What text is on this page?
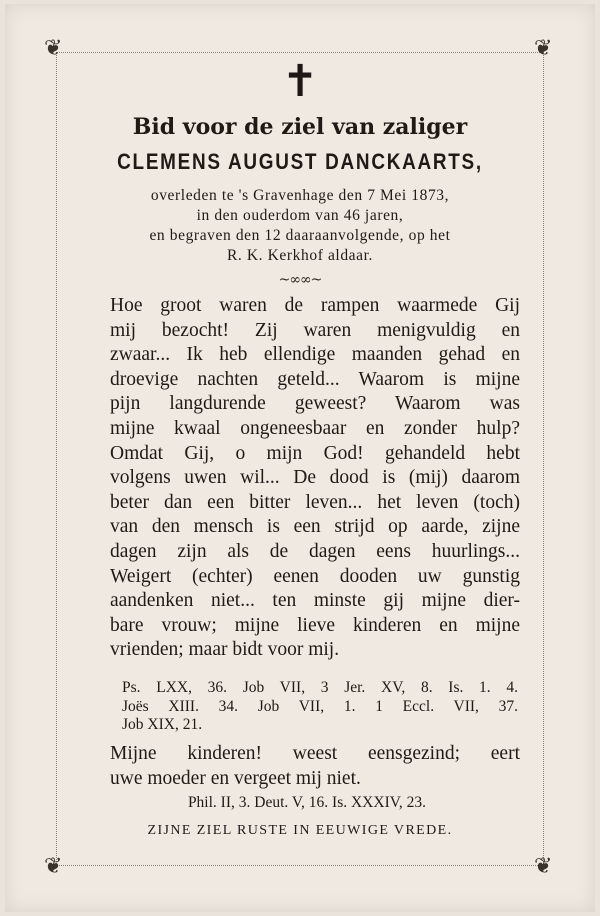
❦	❦
❦	❦
✝
Bid voor de ziel van zaliger
CLEMENS AUGUST DANCKAARTS,
overleden te 's Gravenhage den 7 Mei 1873,
in den ouderdom van 46 jaren,
en begraven den 12 daaraanvolgende, op het
R. K. Kerkhof aldaar.
~∞∞~
Hoe groot waren de rampen waarmede Gij
mij bezocht! Zij waren menigvuldig en
zwaar... Ik heb ellendige maanden gehad en
droevige nachten geteld... Waarom is mijne
pijn langdurende geweest? Waarom was
mijne kwaal ongeneesbaar en zonder hulp?
Omdat Gij, o mijn God! gehandeld hebt
volgens uwen wil... De dood is (mij) daarom
beter dan een bitter leven... het leven (toch)
van den mensch is een strijd op aarde, zijne
dagen zijn als de dagen eens huurlings...
Weigert (echter) eenen dooden uw gunstig
aandenken niet... ten minste gij mijne dier-
bare vrouw; mijne lieve kinderen en mijne
vrienden; maar bidt voor mij.
Ps. LXX, 36. Job VII, 3 Jer. XV, 8. Is. 1. 4.
Joës XIII. 34. Job VII, 1. 1 Eccl. VII, 37.
Job XIX, 21.
Mijne kinderen! weest eensgezind; eert
uwe moeder en vergeet mij niet.
Phil. II, 3. Deut. V, 16. Is. XXXIV, 23.
ZIJNE ZIEL RUSTE IN EEUWIGE VREDE.
